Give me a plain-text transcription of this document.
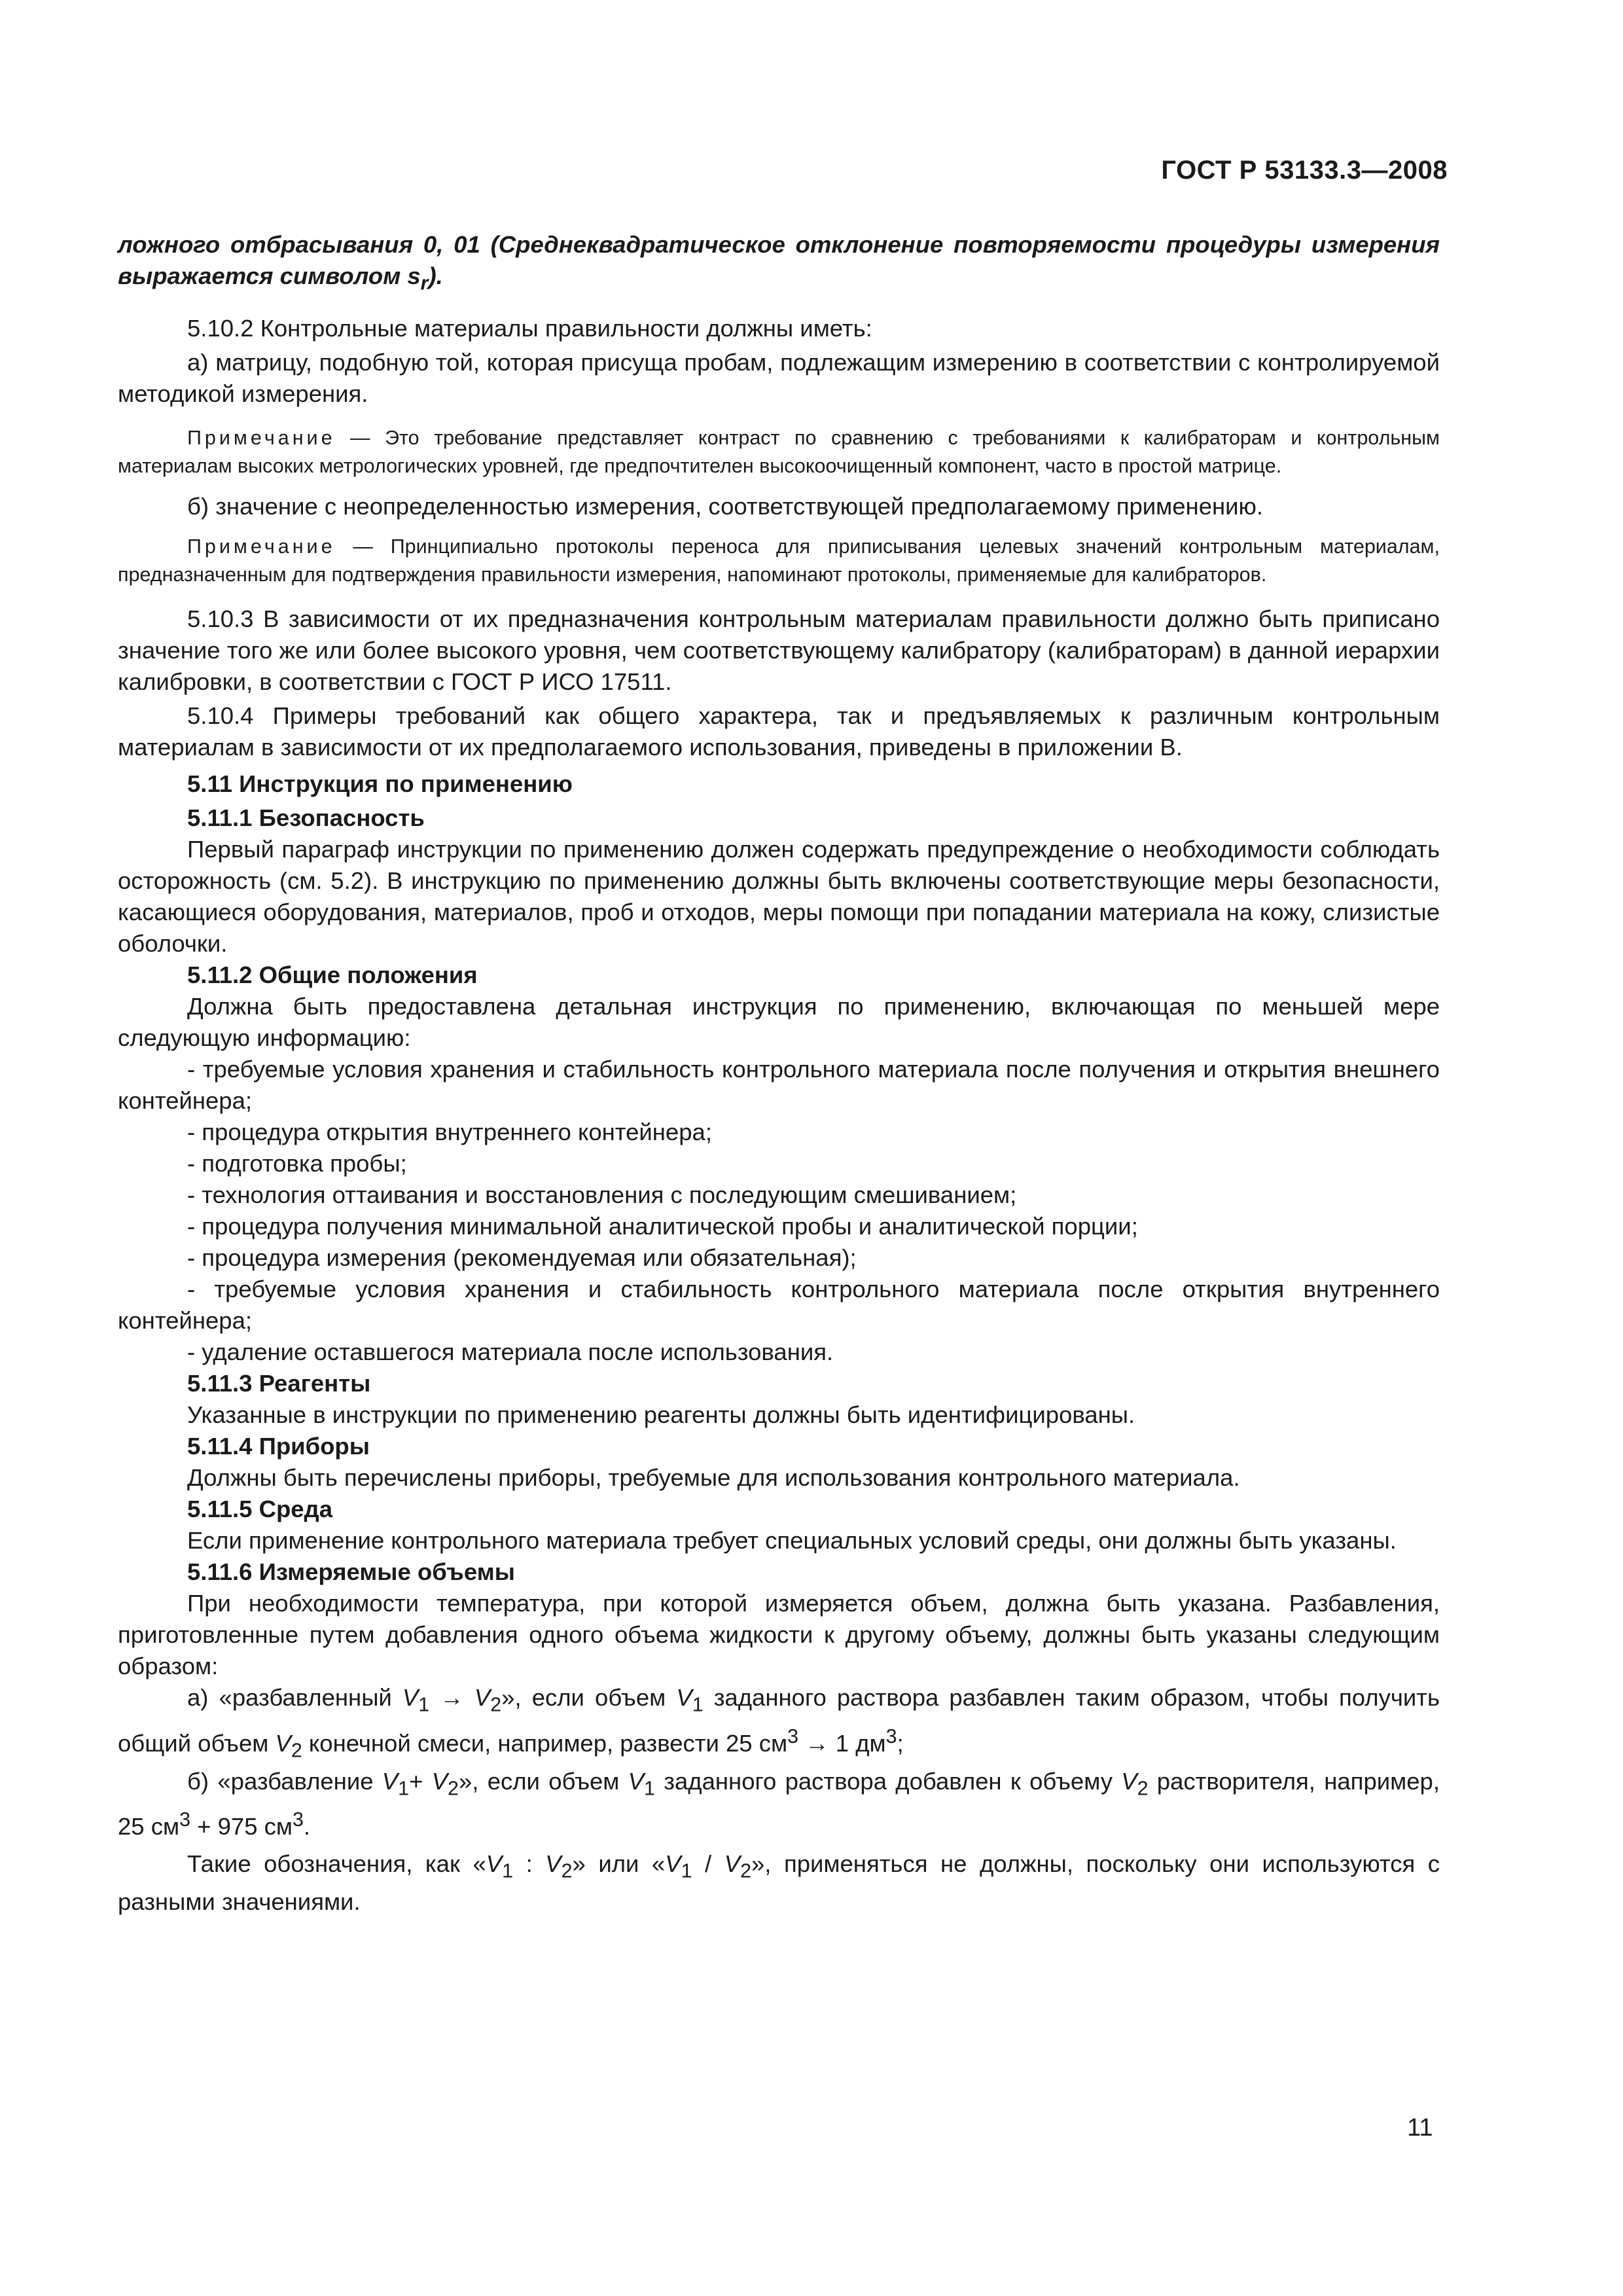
ГОСТ Р 53133.3—2008

ложного отбрасывания 0, 01 (Среднеквадратическое отклонение повторяемости процедуры измерения выражается символом $s_r$).

5.10.2 Контрольные материалы правильности должны иметь:

а) матрицу, подобную той, которая присуща пробам, подлежащим измерению в соответствии с контролируемой методикой измерения.

Примечание — Это требование представляет контраст по сравнению с требованиями к калибраторам и контрольным материалам высоких метрологических уровней, где предпочтителен высокоочищенный компонент, часто в простой матрице.

б) значение с неопределенностью измерения, соответствующей предполагаемому применению.

Примечание — Принципиально протоколы переноса для приписывания целевых значений контрольным материалам, предназначенным для подтверждения правильности измерения, напоминают протоколы, применяемые для калибраторов.

5.10.3 В зависимости от их предназначения контрольным материалам правильности должно быть приписано значение того же или более высокого уровня, чем соответствующему калибратору (калибраторам) в данной иерархии калибровки, в соответствии с ГОСТ Р ИСО 17511.

5.10.4 Примеры требований как общего характера, так и предъявляемых к различным контрольным материалам в зависимости от их предполагаемого использования, приведены в приложении В.

5.11 Инструкция по применению

5.11.1 Безопасность

Первый параграф инструкции по применению должен содержать предупреждение о необходимости соблюдать осторожность (см. 5.2). В инструкцию по применению должны быть включены соответствующие меры безопасности, касающиеся оборудования, материалов, проб и отходов, меры помощи при попадании материала на кожу, слизистые оболочки.

5.11.2 Общие положения

Должна быть предоставлена детальная инструкция по применению, включающая по меньшей мере следующую информацию:

- требуемые условия хранения и стабильность контрольного материала после получения и открытия внешнего контейнера;

- процедура открытия внутреннего контейнера;

- подготовка пробы;

- технология оттаивания и восстановления с последующим смешиванием;

- процедура получения минимальной аналитической пробы и аналитической порции;

- процедура измерения (рекомендуемая или обязательная);

- требуемые условия хранения и стабильность контрольного материала после открытия внутреннего контейнера;

- удаление оставшегося материала после использования.

5.11.3 Реагенты

Указанные в инструкции по применению реагенты должны быть идентифицированы.

5.11.4 Приборы

Должны быть перечислены приборы, требуемые для использования контрольного материала.

5.11.5 Среда

Если применение контрольного материала требует специальных условий среды, они должны быть указаны.

5.11.6 Измеряемые объемы

При необходимости температура, при которой измеряется объем, должна быть указана. Разбавления, приготовленные путем добавления одного объема жидкости к другому объему, должны быть указаны следующим образом:

а) «разбавленный $V_1 \to V_2$», если объем $V_1$ заданного раствора разбавлен таким образом, чтобы получить общий объем $V_2$ конечной смеси, например, развести 25 $см^3 \to 1$ $дм^3$;

б) «разбавление $V_1+ V_2$», если объем $V_1$ заданного раствора добавлен к объему $V_2$ растворителя, например, 25 $см^3 + 975$ $см^3$.

Такие обозначения, как «$V_1$ : $V_2$» или «$V_1 / V_2$», применяться не должны, поскольку они используются с разными значениями.

11
